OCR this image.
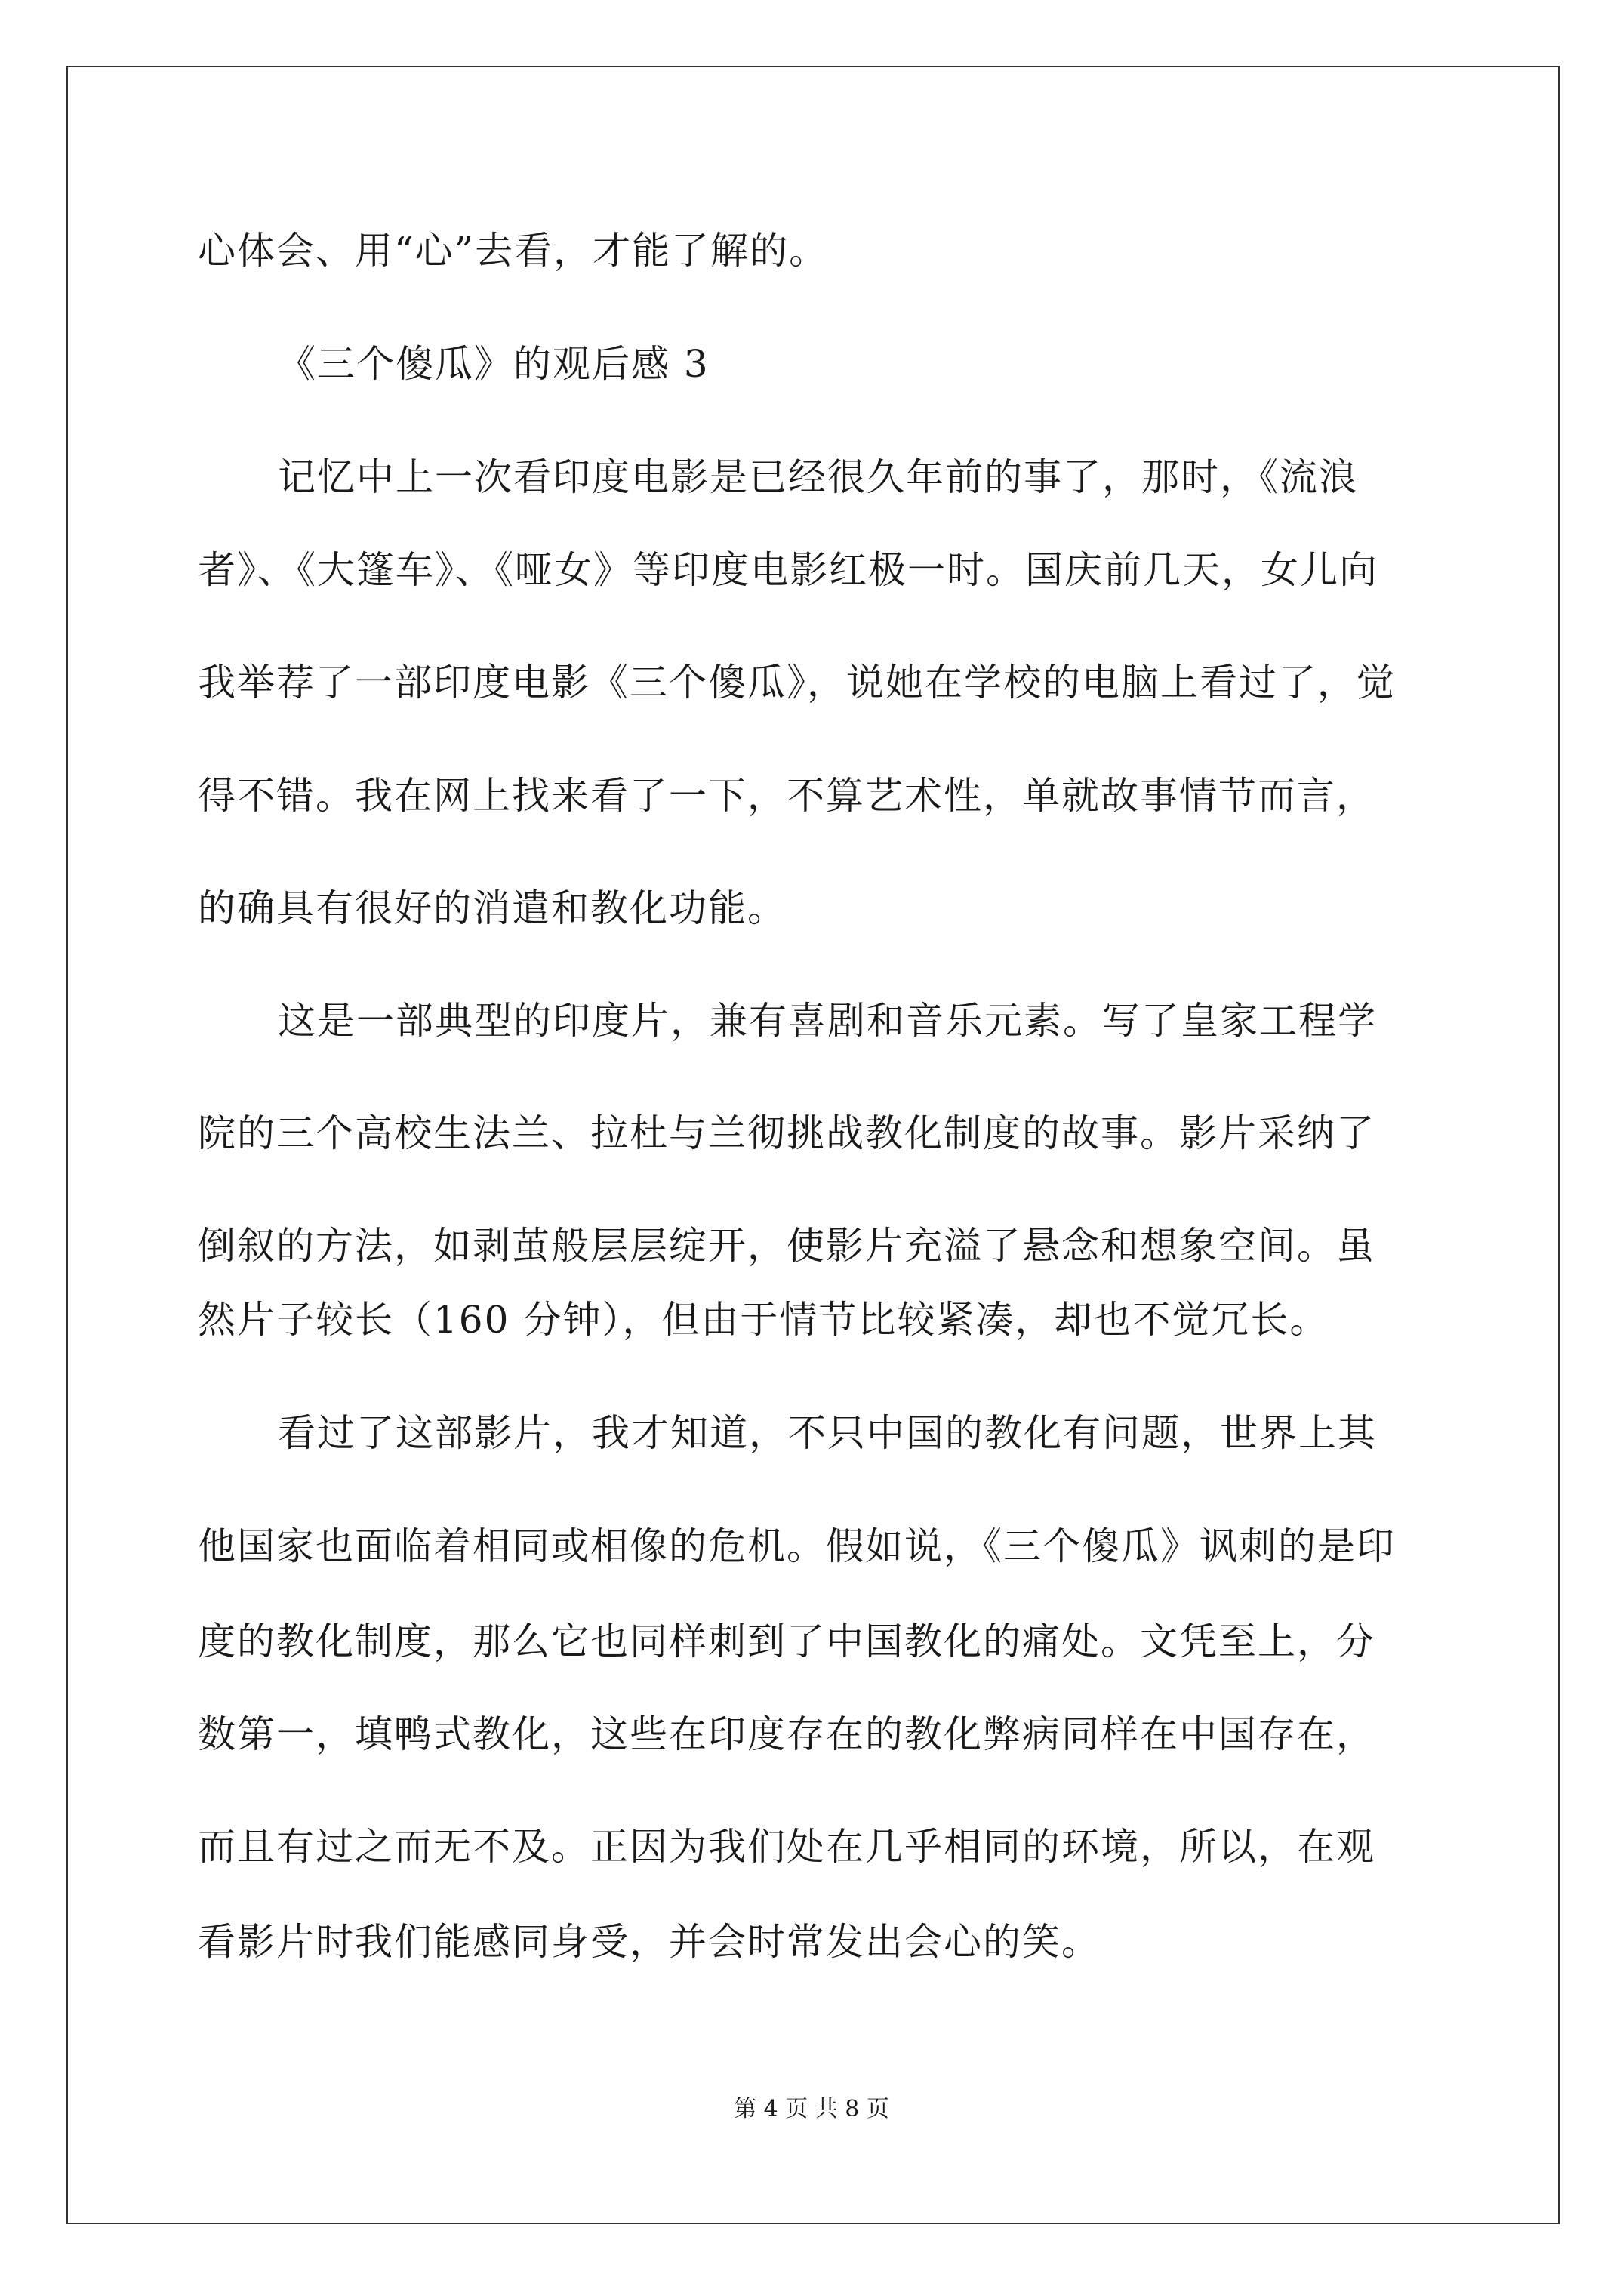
心体会、用“心”去看，才能了解的。
《三个傻瓜》的观后感 3
记忆中上一次看印度电影是已经很久年前的事了，那时，《流浪
者》、《大篷车》、《哑女》等印度电影红极一时。国庆前几天，女儿向
我举荐了一部印度电影《三个傻瓜》，说她在学校的电脑上看过了，觉
得不错。我在网上找来看了一下，不算艺术性，单就故事情节而言，
的确具有很好的消遣和教化功能。
这是一部典型的印度片，兼有喜剧和音乐元素。写了皇家工程学
院的三个高校生法兰、拉杜与兰彻挑战教化制度的故事。影片采纳了
倒叙的方法，如剥茧般层层绽开，使影片充溢了悬念和想象空间。虽
然片子较长（160 分钟），但由于情节比较紧凑，却也不觉冗长。
看过了这部影片，我才知道，不只中国的教化有问题，世界上其
他国家也面临着相同或相像的危机。假如说，《三个傻瓜》讽刺的是印
度的教化制度，那么它也同样刺到了中国教化的痛处。文凭至上，分
数第一，填鸭式教化，这些在印度存在的教化弊病同样在中国存在，
而且有过之而无不及。正因为我们处在几乎相同的环境，所以，在观
看影片时我们能感同身受，并会时常发出会心的笑。
第 4 页 共 8 页
